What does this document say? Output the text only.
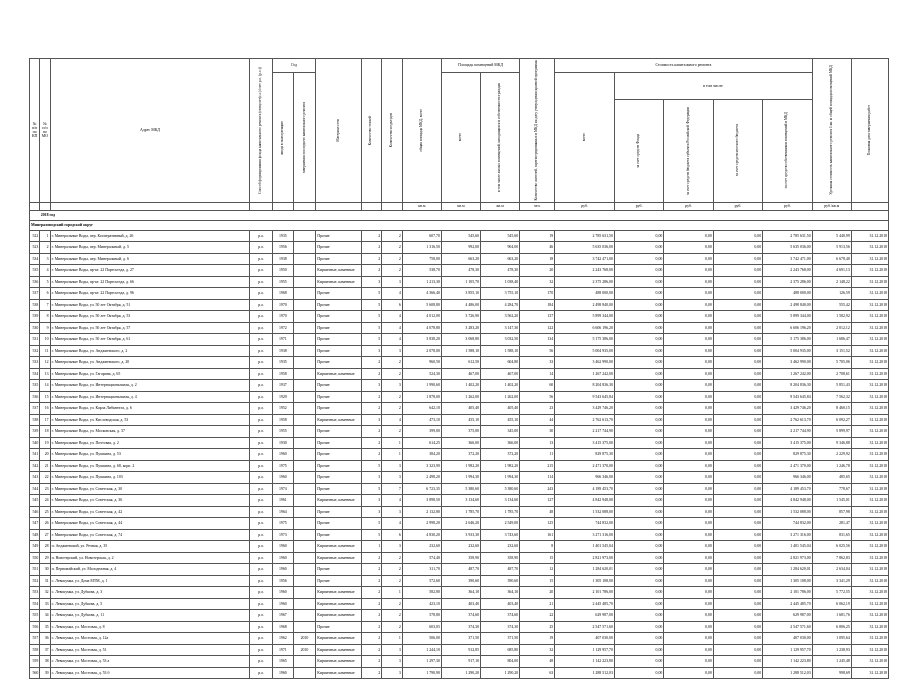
№ п/п по КП	№ п/п по МО	Адрес МКД	Способ формирования фонда капитального ремонта (спецсчет(с.с.)/счет р.о. (р.о.))	Год		Материал стен	Количество этажей	Количество подъездов	общая площадь МКД, всего	Площадь помещений МКД		Количество жителей, зарегистрированных в МКД на дату утверждения краевой программы	Стоимость капитального ремонта					Удельная стоимость капитального ремонта 1 кв. м общей площади помещений МКД	Плановая дата завершения работ

				ввода в эксплуатацию	завершения последнего капитального ремонта					всего	в том числе жилых помещений, находящихся в собственности граждан		всего	в том числе:					

														за счет средств Фонда	за счет средств бюджета субъекта Российской Федерации	за счет средств местного бюджета	за счет средств собственников помещений в МКД		

									кв.м	кв.м	кв.м	чел.	руб.	руб.	руб.	руб.	руб.	руб./кв.м	
	2018 год																		
Минераловодский городской округ																			
522	1	г. Минеральные Воды, пер. Кооперативный, д. 26	р.о.	1935		Прочие	2	2	607,70	545,60	545,60	19	2 785 631,50	0,00	0,00	0,00	2 785 631,50	5 440,99	31.12.2018
523	2	г. Минеральные Воды, пер. Минеральный, д. 5	р.о.	1956		Прочие	2	2	1 316,50	992,00	904,00	46	5 635 036,00	0,00	0,00	0,00	5 635 036,00	5 913,56	31.12.2018
534	3	г. Минеральные Воды, пер. Минеральный, д. 6	р.о.	1938		Прочие	2	2	758,00	663,20	663,20	18	3 742 471,00	0,00	0,00	0,00	3 742 471,00	6 678,40	31.12.2018
535	4	г. Минеральные Воды, пр-кт. 22 Партсъезда, д. 27	р.о.	1950		Кирпичные, каменные	2	2	538,70	478,30	478,30	20	2 243 768,00	0,00	0,00	0,00	2 243 768,00	4 691,13	31.12.2018
536	5	г. Минеральные Воды, пр-кт. 22 Партсъезда, д. 66	р.о.	1955		Кирпичные, каменные	3	3	1 213,30	1 105,70	1 038,40	32	2 375 286,00	0,00	0,00	0,00	2 375 286,00	2 148,22	31.12.2018
537	6	г. Минеральные Воды, пр-кт. 22 Партсъезда, д. 96	р.о.	1968		Прочие	5	4	4 366,40	3 855,10	3 755,10	170	488 000,00	0,00	0,00	0,00	488 000,00	126,59	31.12.2018
538	7	г. Минеральные Воды, ул. 50 лет Октября, д. 51	р.о.	1970		Прочие	5	6	5 608,80	4 486,00	4 284,70	184	2 498 840,00	0,00	0,00	0,00	2 498 840,00	555,42	31.12.2018
539	8	г. Минеральные Воды, ул. 50 лет Октября, д. 53	р.о.	1970		Прочие	5	4	4 012,00	3 726,90	3 562,20	137	5 899 344,00	0,00	0,00	0,00	5 899 344,00	1 582,92	31.12.2018
530	9	г. Минеральные Воды, ул. 50 лет Октября, д. 57	р.о.	1972		Прочие	5	4	4 078,80	3 283,20	3 147,30	122	6 606 196,20	0,00	0,00	0,00	6 606 196,20	2 012,12	31.12.2018
531	10	г. Минеральные Воды, ул. 50 лет Октября, д. 61	р.о.	1971		Прочие	5	4	3 838,20	3 068,80	3 032,50	134	5 175 386,00	0,00	0,00	0,00	5 175 386,00	1 686,47	31.12.2018
532	11	г. Минеральные Воды, ул. Анджиевского, д. 2	р.о.	1938		Прочие	3	3	2 078,00	1 588,10	1 588,10	56	5 004 935,00	0,00	0,00	0,00	5 004 935,00	3 151,52	31.12.2018
533	12	г. Минеральные Воды, ул. Анджиевского, д. 20	р.о.	1935		Прочие	2	2	960,50	612,50	604,80	33	3 462 990,00	0,00	0,00	0,00	3 462 990,00	5 705,06	31.12.2018
534	13	г. Минеральные Воды, ул. Гагарина, д. 65	р.о.	1958		Кирпичные, каменные	2	2	524,30	467,00	467,00	14	1 267 242,00	0,00	0,00	0,00	1 267 242,00	2 708,61	31.12.2018
535	14	г. Минеральные Воды, ул. Интернациональная, д. 2	р.о.	1937		Прочие	3	3	1 990,60	1 402,20	1 402,20	60	8 204 836,30	0,00	0,00	0,00	8 204 836,30	5 851,43	31.12.2018
536	15	г. Минеральные Воды, ул. Интернациональная, д. 4	р.о.	1929		Прочие	2	2	1 878,00	1 262,00	1 262,00	56	9 543 645,84	0,00	0,00	0,00	9 543 645,84	7 562,32	31.12.2018
537	16	г. Минеральные Воды, ул. Карла Либкнехта, д. 6	р.о.	1952		Прочие	2	2	642,10	405,40	405,40	23	3 429 746,20	0,00	0,00	0,00	3 429 746,20	8 460,15	31.12.2018
538	17	г. Минеральные Воды, ул. Кисловодская, д. 53	р.о.	1958		Кирпичные, каменные	3	4	473,10	455,10	455,10	44	2 762 613,70	0,00	0,00	0,00	2 762 613,70	6 092,27	31.12.2018
539	18	г. Минеральные Воды, ул. Московская, д. 37	р.о.	1955		Прочие	2	2	399,00	375,00	345,00	30	2 217 744,90	0,00	0,00	0,00	2 217 744,90	5 899,97	31.12.2018
540	19	г. Минеральные Воды, ул. Почтовая, д. 2	р.о.	1930		Прочие	2	1	614,25	366,00	366,00	13	3 415 375,00	0,00	0,00	0,00	3 415 375,00	9 346,88	31.12.2018
541	20	г. Минеральные Воды, ул. Пушкина, д. 53	р.о.	1960		Прочие	2	1	384,20	372,20	372,20	11	829 875,30	0,00	0,00	0,00	829 875,30	2 229,92	31.12.2018
542	21	г. Минеральные Воды, ул. Пушкина, д. 68, корп. 2	р.о.	1975		Прочие	5	3	3 323,90	1 982,20	1 982,20	215	2 471 370,00	0,00	0,00	0,00	2 471 370,00	1 246,78	31.12.2018
543	22	г. Минеральные Воды, ул. Пушкина, д. 103	р.о.	1960		Прочие	3	3	2 498,20	1 994,30	1 994,30	114	966 346,00	0,00	0,00	0,00	966 346,00	485,65	31.12.2018
544	23	г. Минеральные Воды, ул. Советская, д. 30	р.о.	1974		Прочие	5	7	6 723,35	5 380,60	5 380,60	243	4 189 453,70	0,00	0,00	0,00	4 189 453,70	778,67	31.12.2018
545	24	г. Минеральные Воды, ул. Советская, д. 36	р.о.	1961		Кирпичные, каменные	3	4	3 898,50	3 134,60	3 134,60	127	4 842 948,00	0,00	0,00	0,00	4 842 948,00	1 545,01	31.12.2018
546	25	г. Минеральные Воды, ул. Советская, д. 42	р.о.	1964		Прочие	3	3	2 132,80	1 785,70	1 785,70	48	1 532 088,00	0,00	0,00	0,00	1 532 088,00	857,98	31.12.2018
547	26	г. Минеральные Воды, ул. Советская, д. 44	р.о.	1975		Прочие	5	4	2 998,20	2 646,20	2 549,00	125	744 832,00	0,00	0,00	0,00	744 832,00	281,47	31.12.2018
548	27	г. Минеральные Воды, ул. Советская, д. 74	р.о.	1973		Прочие	5	6	4 830,20	3 933,30	3 743,60	161	3 271 316,00	0,00	0,00	0,00	3 271 316,00	831,65	31.12.2018
549	28	п. Анджиевский, ул. Речная, д. 35	р.о.	1960		Кирпичные, каменные	1	3	232,60	232,60	232,60	8	1 401 545,04	0,00	0,00	0,00	1 401 545,04	6 025,56	31.12.2018
550	29	п. Новотерский, ул. Новотерская, д. 2	р.о.	1960		Кирпичные, каменные	2	2	574,40	358,90	358,90	15	2 821 973,00	0,00	0,00	0,00	2 821 973,00	7 862,83	31.12.2018
551	30	п. Первомайский, ул. Молодежная, д. 4	р.о.	1960		Прочие	2	2	311,70	487,70	487,70	12	1 284 620,01	0,00	0,00	0,00	1 284 620,01	2 634,04	31.12.2018
552	31	с. Левокумка, ул. Дома МТМ, д. 1	р.о.	1956		Прочие	2	2	572,60	390,60	390,60	15	1 305 108,00	0,00	0,00	0,00	1 305 108,00	3 341,29	31.12.2018
553	32	с. Левокумка, ул. Дубкова, д. 3	р.о.	1960		Кирпичные, каменные	2	1	582,80	364,10	364,10	20	2 101 786,00	0,00	0,00	0,00	2 101 786,00	5 772,55	31.12.2018
554	33	с. Левокумка, ул. Дубкова, д. 5	р.о.	1960		Кирпичные, каменные	2	2	423,10	403,40	403,40	21	2 445 485,70	0,00	0,00	0,00	2 445 485,70	6 062,19	31.12.2018
555	34	с. Левокумка, ул. Дубкова, д. 11	р.о.	1967		Кирпичные, каменные	2	2	578,80	374,60	374,60	22	629 987,00	0,00	0,00	0,00	629 987,00	1 681,76	31.12.2018
556	35	с. Левокумка, ул. Мостовая, д. 8	р.о.	1968		Прочие	2	2	603,05	374,30	374,30	25	2 547 571,60	0,00	0,00	0,00	2 547 571,60	6 806,25	31.12.2018
557	36	с. Левокумка, ул. Мостовая, д. 12а	р.о.	1962	2010	Кирпичные, каменные	2	1	506,00	371,50	371,50	19	407 030,00	0,00	0,00	0,00	407 030,00	1 095,64	31.12.2018
558	37	с. Левокумка, ул. Мостовая, д. 51	р.о.	1971	2010	Кирпичные, каменные	2	3	1 244,10	912,85	685,80	32	1 129 957,70	0,00	0,00	0,00	1 129 957,70	1 238,93	31.12.2018
559	38	с. Левокумка, ул. Мостовая, д. 53 а	р.о.	1965		Кирпичные, каменные	2	3	1 297,30	917,10	804,00	48	1 142 223,80	0,00	0,00	0,00	1 142 223,80	1 245,48	31.12.2018
560	39	с. Левокумка, ул. Мостовая, д. 53 б	р.о.	1960		Кирпичные, каменные	2	3	1 790,90	1 290,20	1 290,20	63	1 288 512,03	0,00	0,00	0,00	1 288 512,03	998,69	31.12.2018
